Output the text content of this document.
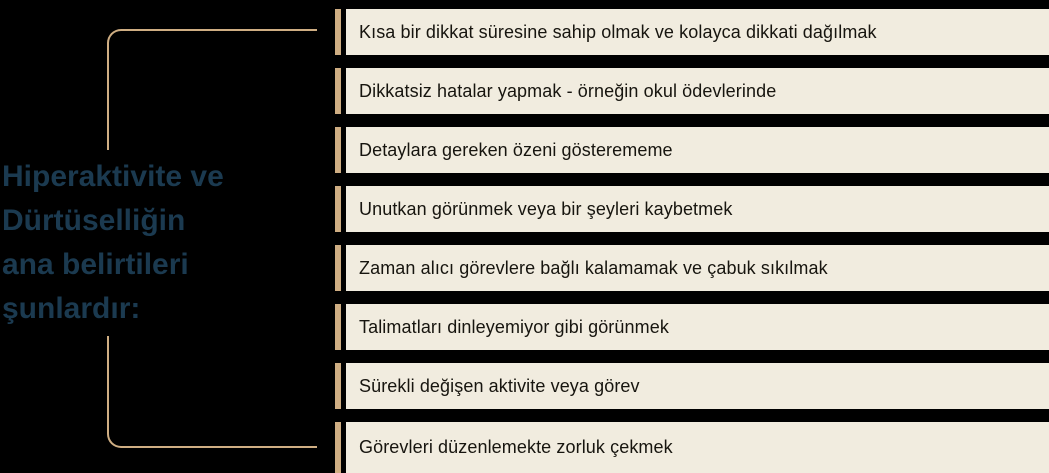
Hiperaktivite ve
Dürtüselliğin
ana belirtileri
şunlardır:
Kısa bir dikkat süresine sahip olmak ve kolayca dikkati dağılmak
Dikkatsiz hatalar yapmak - örneğin okul ödevlerinde
Detaylara gereken özeni gösterememe
Unutkan görünmek veya bir şeyleri kaybetmek
Zaman alıcı görevlere bağlı kalamamak ve çabuk sıkılmak
Talimatları dinleyemiyor gibi görünmek
Sürekli değişen aktivite veya görev
Görevleri düzenlemekte zorluk çekmek
